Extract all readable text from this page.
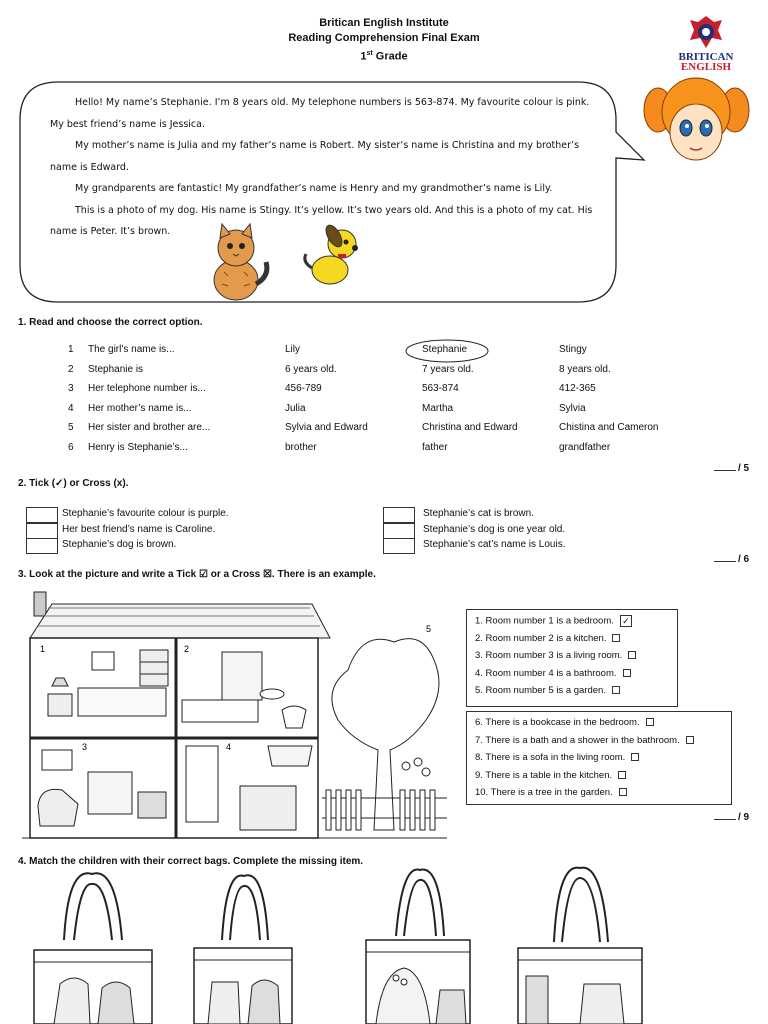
Britican English Institute
Reading Comprehension Final Exam
1st Grade	BRITICAN
ENGLISH

Hello! My name’s Stephanie. I’m 8 years old. My telephone numbers is 563-874. My favourite colour is pink. My best friend’s name is Jessica.

My mother’s name is Julia and my father’s name is Robert. My sister’s name is Christina and my brother’s name is Edward.

My grandparents are fantastic! My grandfather’s name is Henry and my grandmother’s name is Lily.

This is a photo of my dog. His name is Stingy. It’s yellow. It’s two years old. And this is a photo of my cat. His name is Peter. It’s brown.

1. Read and choose the correct option.
1 The girl’s name is...	Lily	Stephanie	Stingy
2 Stephanie is	6 years old.	7 years old.	8 years old.
3 Her telephone number is...	456-789	563-874	412-365
4 Her mother’s name is...	Julia	Martha	Sylvia
5 Her sister and brother are...	Sylvia and Edward	Christina and Edward	Chistina and Cameron
6 Henry is Stephanie’s...	brother	father	grandfather
/ 5
2. Tick (✓) or Cross (x).
Stephanie’s favourite colour is purple.
Her best friend’s name is Caroline.
Stephanie’s dog is brown.
Stephanie’s cat is brown.
Stephanie’s dog is one year old.
Stephanie’s cat’s name is Louis.
/ 6
3. Look at the picture and write a Tick ☑ or a Cross ☒. There is an example.
1	2
3	4
5
1. Room number 1 is a bedroom. ✓
2. Room number 2 is a kitchen.
3. Room number 3 is a living room.
4. Room number 4 is a bathroom.
5. Room number 5 is a garden.
6. There is a bookcase in the bedroom.
7. There is a bath and a shower in the bathroom.
8. There is a sofa in the living room.
9. There is a table in the kitchen.
10. There is a tree in the garden.
/ 9
4. Match the children with their correct bags. Complete the missing item.
